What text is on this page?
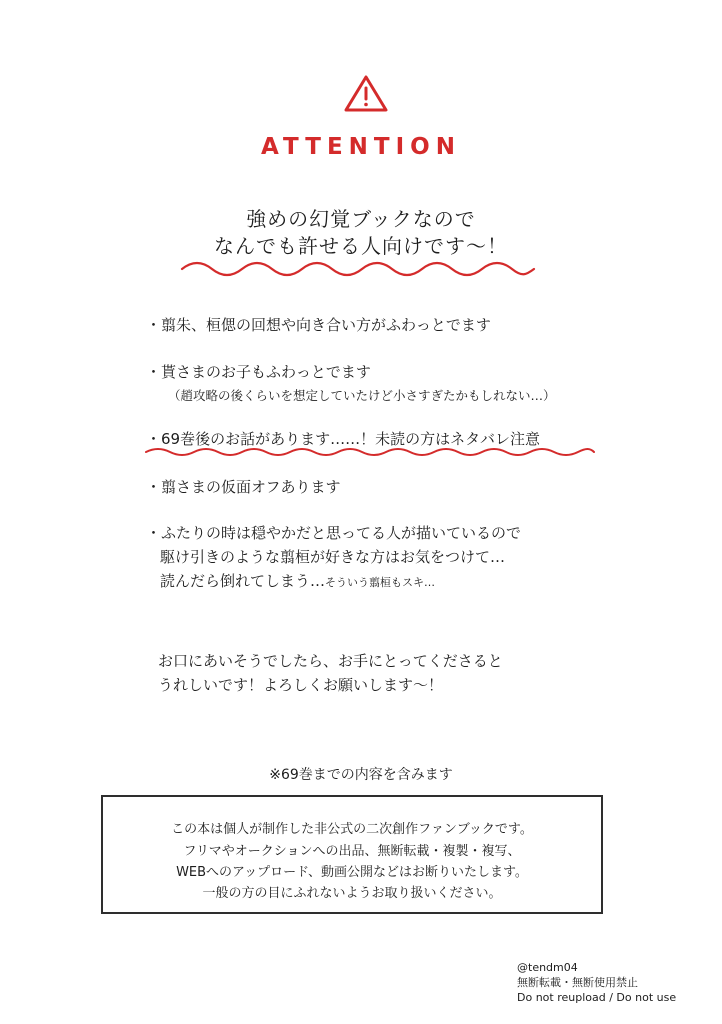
ATTENTION
強めの幻覚ブックなので
なんでも許せる人向けです〜！
・翦朱、桓偲の回想や向き合い方がふわっとでます
・貰さまのお子もふわっとでます
（趙攻略の後くらいを想定していたけど小さすぎたかもしれない…）
・69巻後のお話があります……！未読の方はネタバレ注意
・翦さまの仮面オフあります
・ふたりの時は穏やかだと思ってる人が描いているので
駆け引きのような翦桓が好きな方はお気をつけて…
読んだら倒れてしまう…そういう翦桓もスキ…
お口にあいそうでしたら、お手にとってくださると
うれしいです！よろしくお願いします〜！
※69巻までの内容を含みます
この本は個人が制作した非公式の二次創作ファンブックです。
フリマやオークションへの出品、無断転載・複製・複写、
WEBへのアップロード、動画公開などはお断りいたします。
一般の方の目にふれないようお取り扱いください。
@tendm04
無断転載・無断使用禁止
Do not reupload / Do not use
